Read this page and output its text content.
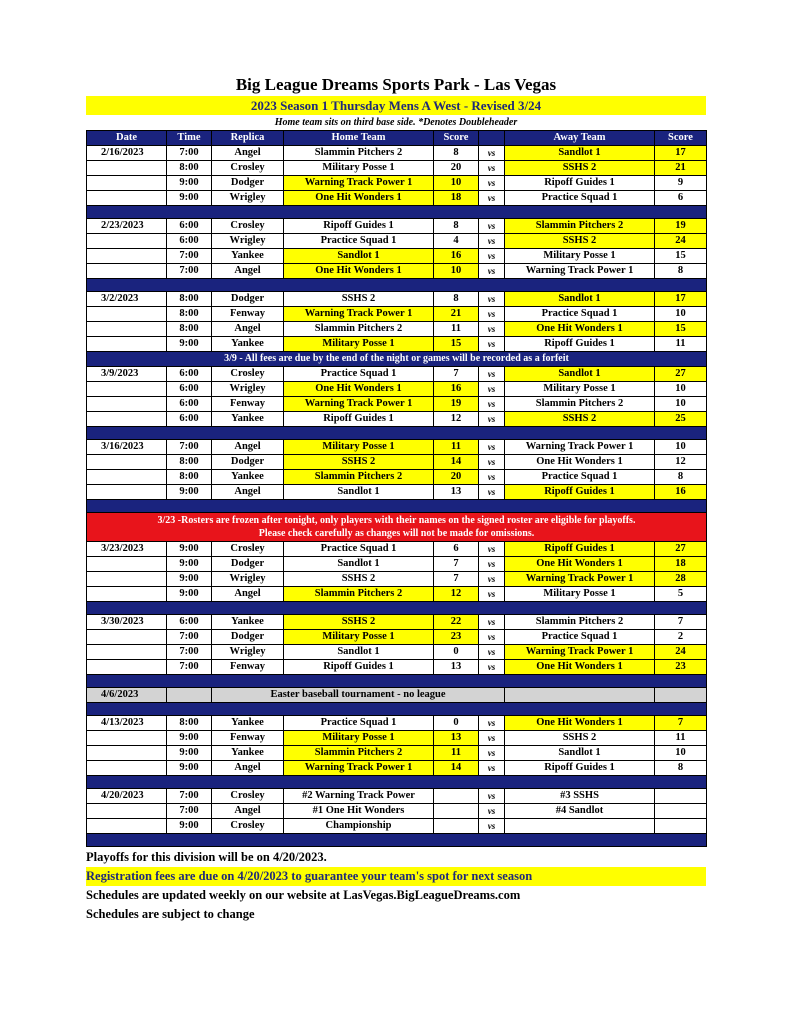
Big League Dreams Sports Park - Las Vegas
2023 Season 1 Thursday Mens A West - Revised 3/24
Home team sits on third base side. *Denotes Doubleheader
Date	Time	Replica	Home Team	Score		Away Team	Score
2/16/2023	7:00	Angel	Slammin Pitchers 2	8	vs	Sandlot 1	17
	8:00	Crosley	Military Posse 1	20	vs	SSHS 2	21
	9:00	Dodger	Warning Track Power 1	10	vs	Ripoff Guides 1	9
	9:00	Wrigley	One Hit Wonders 1	18	vs	Practice Squad 1	6

2/23/2023	6:00	Crosley	Ripoff Guides 1	8	vs	Slammin Pitchers 2	19
	6:00	Wrigley	Practice Squad 1	4	vs	SSHS 2	24
	7:00	Yankee	Sandlot 1	16	vs	Military Posse 1	15
	7:00	Angel	One Hit Wonders 1	10	vs	Warning Track Power 1	8

3/2/2023	8:00	Dodger	SSHS 2	8	vs	Sandlot 1	17
	8:00	Fenway	Warning Track Power 1	21	vs	Practice Squad 1	10
	8:00	Angel	Slammin Pitchers 2	11	vs	One Hit Wonders 1	15
	9:00	Yankee	Military Posse 1	15	vs	Ripoff Guides 1	11
3/9 - All fees are due by the end of the night or games will be recorded as a forfeit							
3/9/2023	6:00	Crosley	Practice Squad 1	7	vs	Sandlot 1	27
	6:00	Wrigley	One Hit Wonders 1	16	vs	Military Posse 1	10
	6:00	Fenway	Warning Track Power 1	19	vs	Slammin Pitchers 2	10
	6:00	Yankee	Ripoff Guides 1	12	vs	SSHS 2	25

3/16/2023	7:00	Angel	Military Posse 1	11	vs	Warning Track Power 1	10
	8:00	Dodger	SSHS 2	14	vs	One Hit Wonders 1	12
	8:00	Yankee	Slammin Pitchers 2	20	vs	Practice Squad 1	8
	9:00	Angel	Sandlot 1	13	vs	Ripoff Guides 1	16

3/23 -Rosters are frozen after tonight, only players with their names on the signed roster are eligible for playoffs.
Please check carefully as changes will not be made for omissions.							

3/23/2023	9:00	Crosley	Practice Squad 1	6	vs	Ripoff Guides 1	27
	9:00	Dodger	Sandlot 1	7	vs	One Hit Wonders 1	18
	9:00	Wrigley	SSHS 2	7	vs	Warning Track Power 1	28
	9:00	Angel	Slammin Pitchers 2	12	vs	Military Posse 1	5

3/30/2023	6:00	Yankee	SSHS 2	22	vs	Slammin Pitchers 2	7
	7:00	Dodger	Military Posse 1	23	vs	Practice Squad 1	2
	7:00	Wrigley	Sandlot 1	0	vs	Warning Track Power 1	24
	7:00	Fenway	Ripoff Guides 1	13	vs	One Hit Wonders 1	23

4/6/2023		Easter baseball tournament - no league					

4/13/2023	8:00	Yankee	Practice Squad 1	0	vs	One Hit Wonders 1	7
	9:00	Fenway	Military Posse 1	13	vs	SSHS 2	11
	9:00	Yankee	Slammin Pitchers 2	11	vs	Sandlot 1	10
	9:00	Angel	Warning Track Power 1	14	vs	Ripoff Guides 1	8

4/20/2023	7:00	Crosley	#2 Warning Track Power		vs	#3 SSHS	
	7:00	Angel	#1 One Hit Wonders		vs	#4 Sandlot	
	9:00	Crosley	Championship		vs		

Playoffs for this division will be on 4/20/2023.
Registration fees are due on 4/20/2023 to guarantee your team's spot for next season
Schedules are updated weekly on our website at LasVegas.BigLeagueDreams.com
Schedules are subject to change
